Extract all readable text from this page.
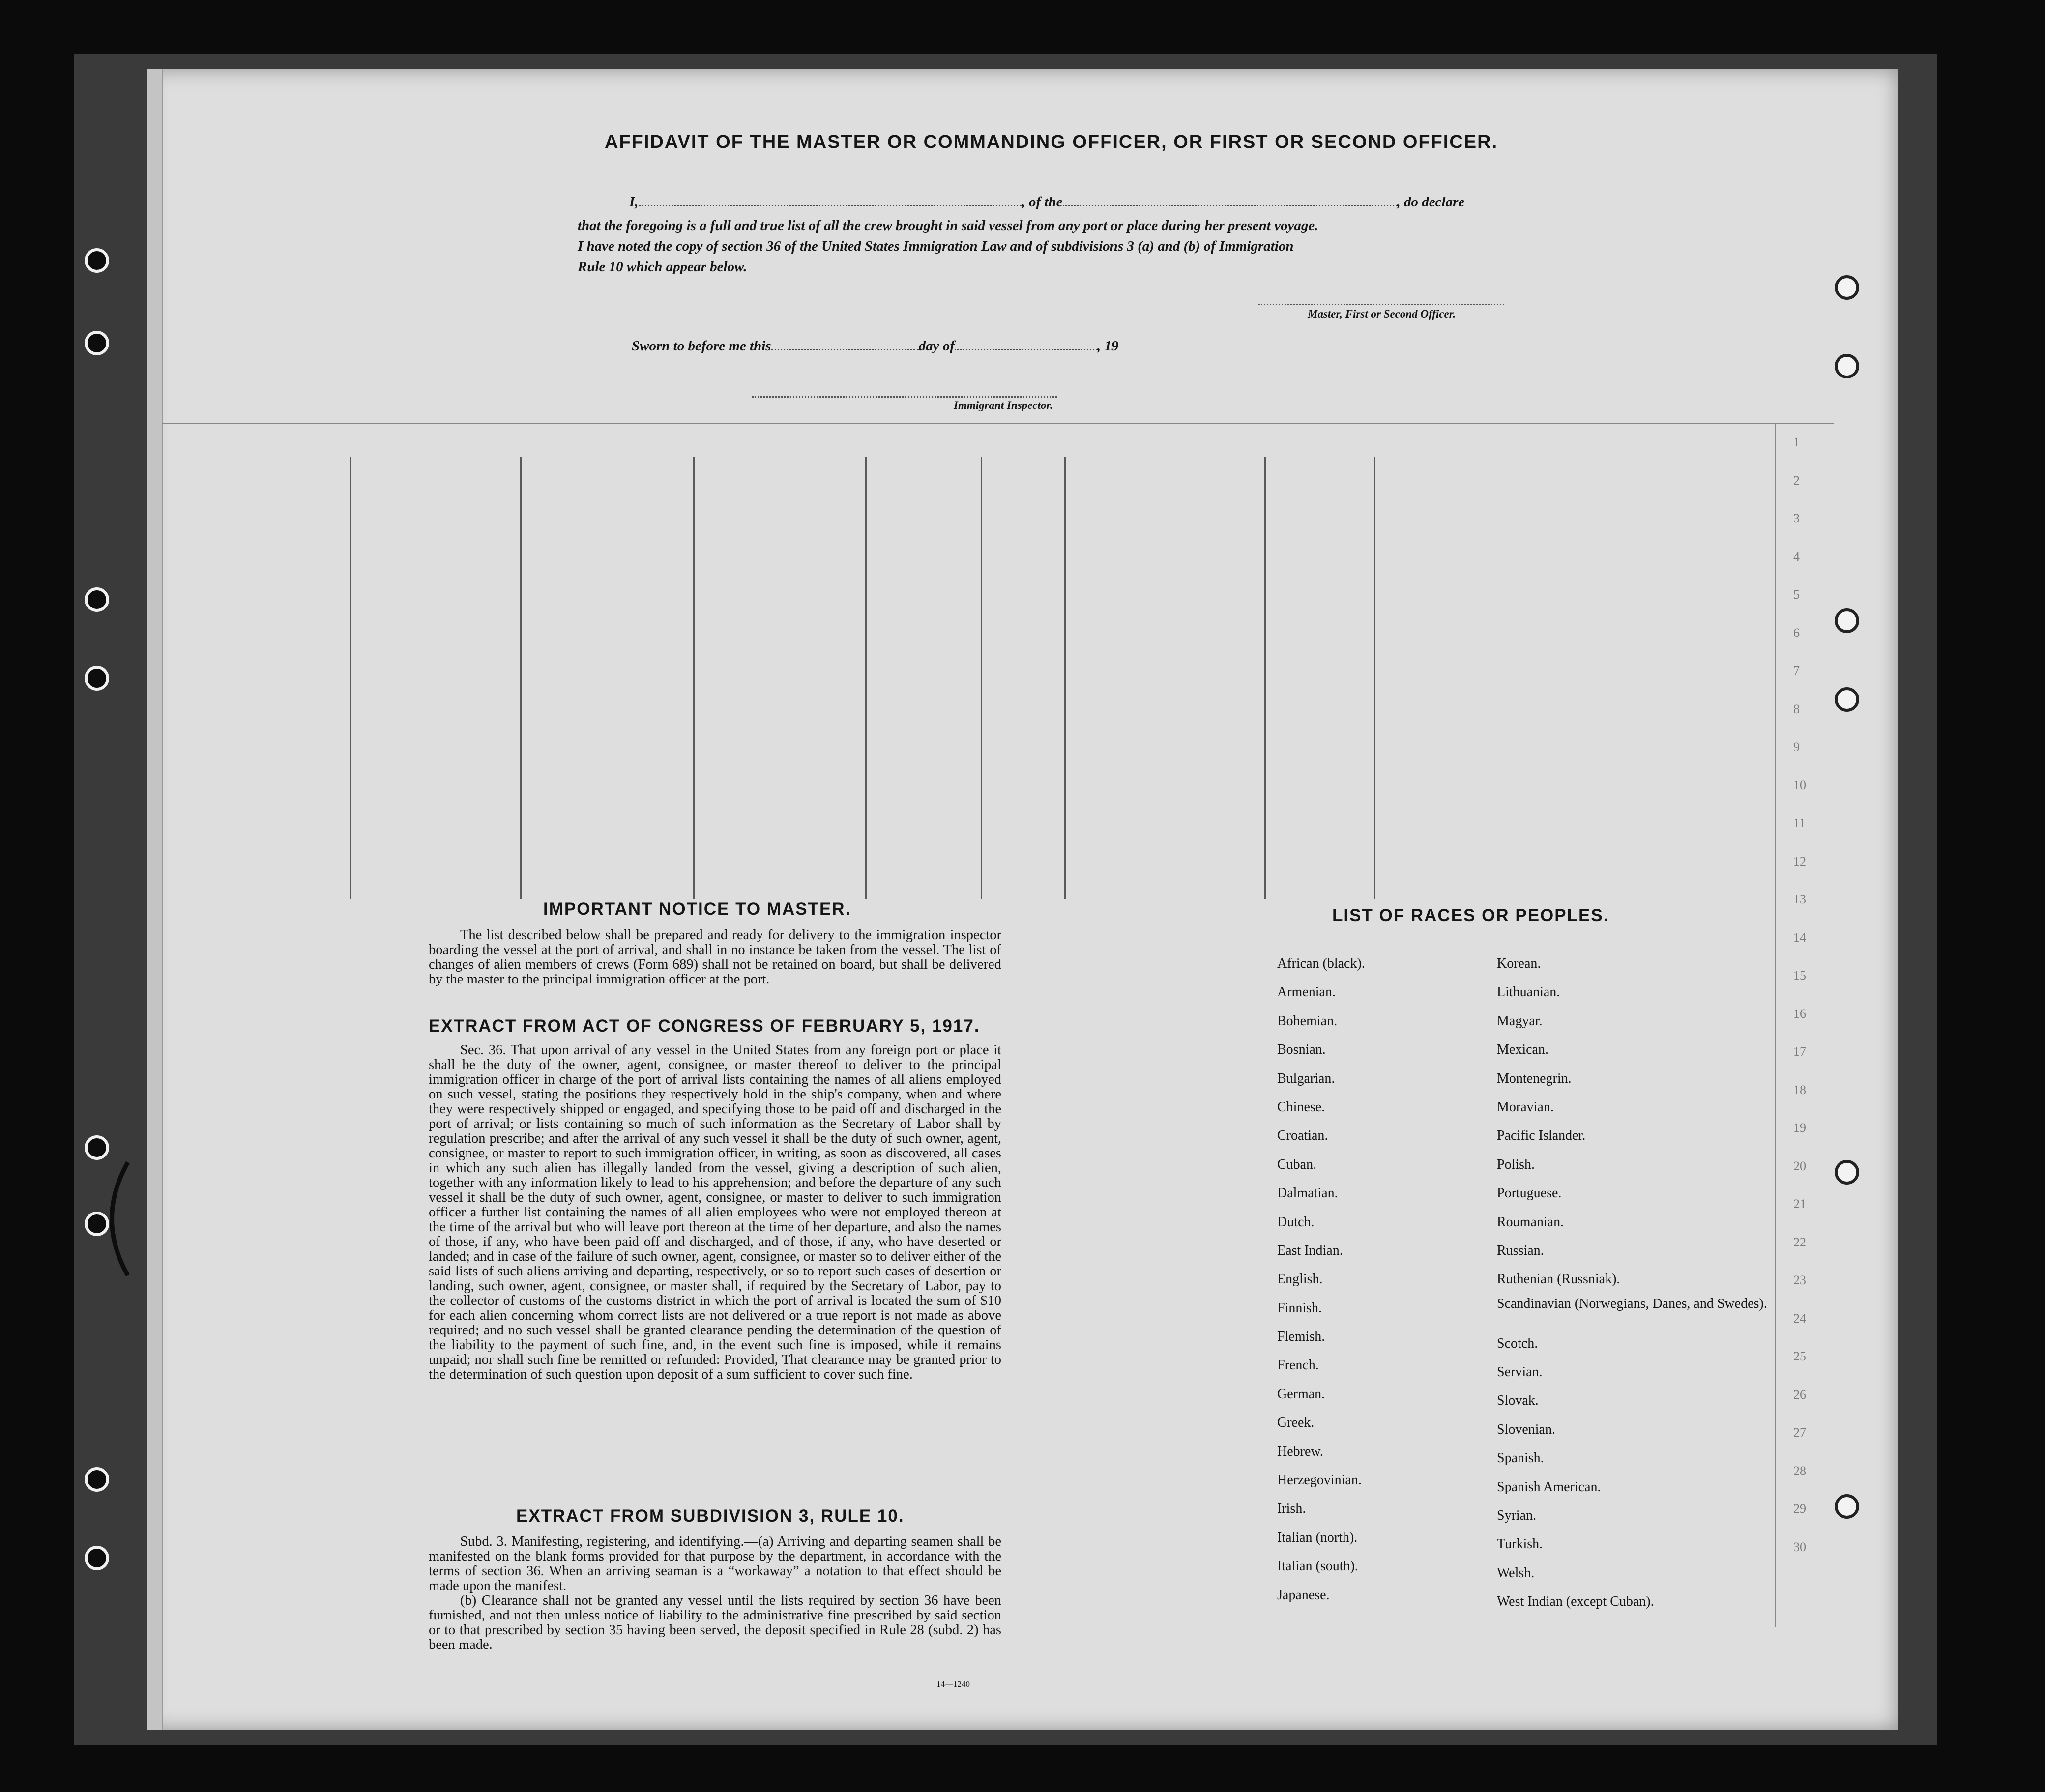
1
2
3
4
5
6
7
8
9
10
11
12
13
14
15
16
17
18
19
20
21
22
23
24
25
26
27
28
29
30
AFFIDAVIT OF THE MASTER OR COMMANDING OFFICER, OR FIRST OR SECOND OFFICER.
I,	, of the	, do declare
that the foregoing is a full and true list of all the crew brought in said vessel from any port or place during her present voyage.
I have noted the copy of section 36 of the United States Immigration Law and of subdivisions 3 (a) and (b) of Immigration
Rule 10 which appear below.
Master, First or Second Officer.
Sworn to before me this	day of	, 19
Immigrant Inspector.
IMPORTANT NOTICE TO MASTER.

The list described below shall be prepared and ready for delivery to the immigration inspector boarding the vessel at the port of arrival, and shall in no instance be taken from the vessel. The list of changes of alien members of crews (Form 689) shall not be retained on board, but shall be delivered by the master to the principal immigration officer at the port.

EXTRACT FROM ACT OF CONGRESS OF FEBRUARY 5, 1917.

Sec. 36. That upon arrival of any vessel in the United States from any foreign port or place it shall be the duty of the owner, agent, consignee, or master thereof to deliver to the principal immigration officer in charge of the port of arrival lists containing the names of all aliens employed on such vessel, stating the positions they respectively hold in the ship's company, when and where they were respectively shipped or engaged, and specifying those to be paid off and discharged in the port of arrival; or lists containing so much of such information as the Secretary of Labor shall by regulation prescribe; and after the arrival of any such vessel it shall be the duty of such owner, agent, consignee, or master to report to such immigration officer, in writing, as soon as discovered, all cases in which any such alien has illegally landed from the vessel, giving a description of such alien, together with any information likely to lead to his apprehension; and before the departure of any such vessel it shall be the duty of such owner, agent, consignee, or master to deliver to such immigration officer a further list containing the names of all alien employees who were not employed thereon at the time of the arrival but who will leave port thereon at the time of her departure, and also the names of those, if any, who have been paid off and discharged, and of those, if any, who have deserted or landed; and in case of the failure of such owner, agent, consignee, or master so to deliver either of the said lists of such aliens arriving and departing, respectively, or so to report such cases of desertion or landing, such owner, agent, consignee, or master shall, if required by the Secretary of Labor, pay to the collector of customs of the customs district in which the port of arrival is located the sum of $10 for each alien concerning whom correct lists are not delivered or a true report is not made as above required; and no such vessel shall be granted clearance pending the determination of the question of the liability to the payment of such fine, and, in the event such fine is imposed, while it remains unpaid; nor shall such fine be remitted or refunded: Provided, That clearance may be granted prior to the determination of such question upon deposit of a sum sufficient to cover such fine.

EXTRACT FROM SUBDIVISION 3, RULE 10.

Subd. 3. Manifesting, registering, and identifying.—(a) Arriving and departing seamen shall be manifested on the blank forms provided for that purpose by the department, in accordance with the terms of section 36. When an arriving seaman is a “workaway” a notation to that effect should be made upon the manifest.

(b) Clearance shall not be granted any vessel until the lists required by section 36 have been furnished, and not then unless notice of liability to the administrative fine prescribed by said section or to that prescribed by section 35 having been served, the deposit specified in Rule 28 (subd. 2) has been made.

14—1240
LIST OF RACES OR PEOPLES.
African (black).
Armenian.
Bohemian.
Bosnian.
Bulgarian.
Chinese.
Croatian.
Cuban.
Dalmatian.
Dutch.
East Indian.
English.
Finnish.
Flemish.
French.
German.
Greek.
Hebrew.
Herzegovinian.
Irish.
Italian (north).
Italian (south).
Japanese.
Korean.
Lithuanian.
Magyar.
Mexican.
Montenegrin.
Moravian.
Pacific Islander.
Polish.
Portuguese.
Roumanian.
Russian.
Ruthenian (Russniak).
Scandinavian (Norwegians, Danes, and Swedes).
Scotch.
Servian.
Slovak.
Slovenian.
Spanish.
Spanish American.
Syrian.
Turkish.
Welsh.
West Indian (except Cuban).
